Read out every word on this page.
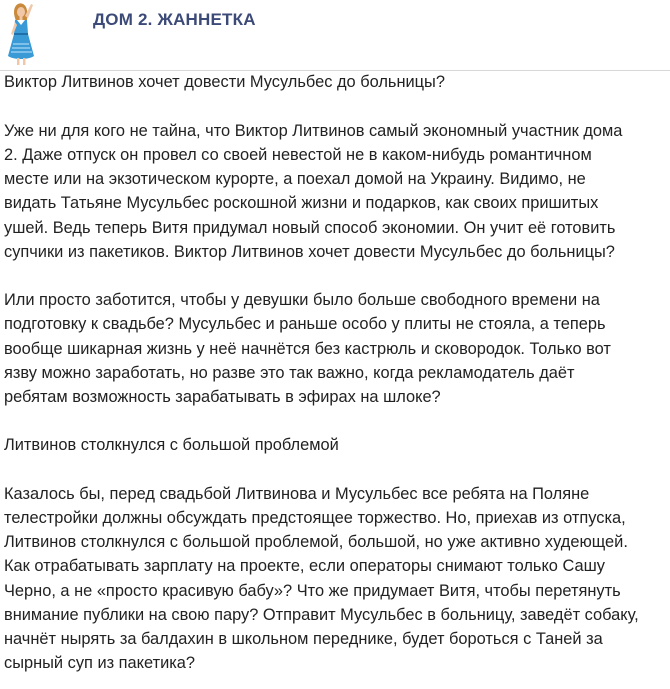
ДОМ 2. ЖАННЕТКА

Виктор Литвинов хочет довести Мусульбес до больницы?

Уже ни для кого не тайна, что Виктор Литвинов самый экономный участник дома

2. Даже отпуск он провел со своей невестой не в каком-нибудь романтичном

месте или на экзотическом курорте, а поехал домой на Украину. Видимо, не

видать Татьяне Мусульбес роскошной жизни и подарков, как своих пришитых

ушей. Ведь теперь Витя придумал новый способ экономии. Он учит её готовить

супчики из пакетиков. Виктор Литвинов хочет довести Мусульбес до больницы?

Или просто заботится, чтобы у девушки было больше свободного времени на

подготовку к свадьбе? Мусульбес и раньше особо у плиты не стояла, а теперь

вообще шикарная жизнь у неё начнётся без кастрюль и сковородок. Только вот

язву можно заработать, но разве это так важно, когда рекламодатель даёт

ребятам возможность зарабатывать в эфирах на шлоке?

Литвинов столкнулся с большой проблемой

Казалось бы, перед свадьбой Литвинова и Мусульбес все ребята на Поляне

телестройки должны обсуждать предстоящее торжество. Но, приехав из отпуска,

Литвинов столкнулся с большой проблемой, большой, но уже активно худеющей.

Как отрабатывать зарплату на проекте, если операторы снимают только Сашу

Черно, а не «просто красивую бабу»? Что же придумает Витя, чтобы перетянуть

внимание публики на свою пару? Отправит Мусульбес в больницу, заведёт собаку,

начнёт нырять за балдахин в школьном переднике, будет бороться с Таней за

сырный суп из пакетика?
